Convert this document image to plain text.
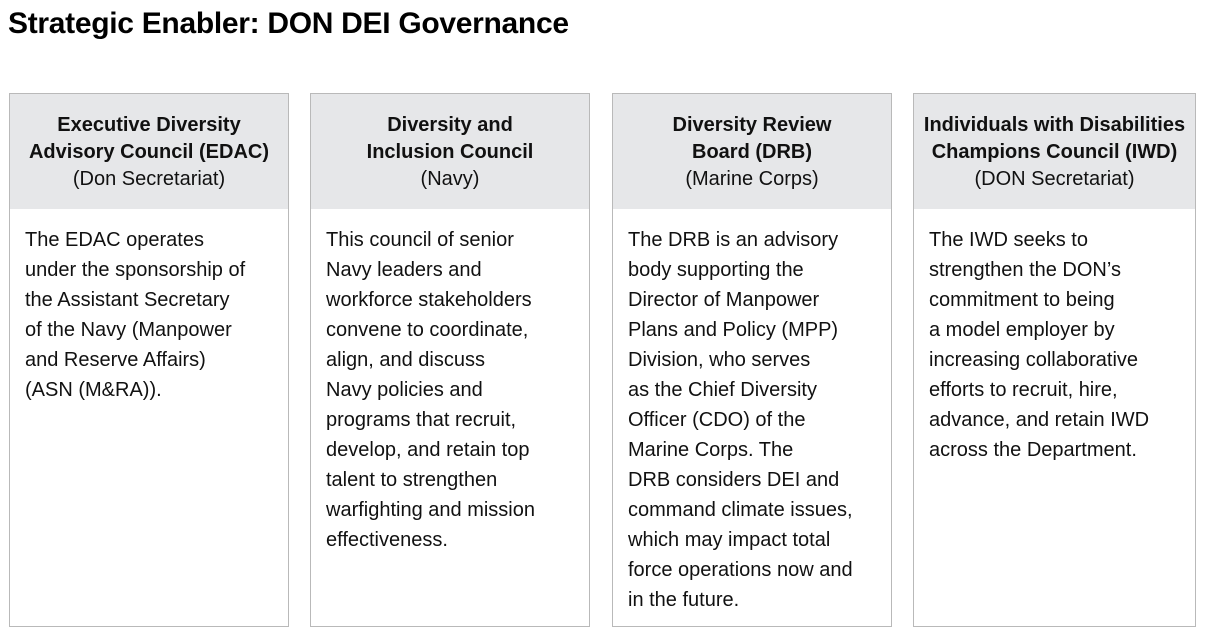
Strategic Enabler: DON DEI Governance
Executive Diversity
Advisory Council (EDAC)
(Don Secretariat)
The EDAC operates
under the sponsorship of
the Assistant Secretary
of the Navy (Manpower
and Reserve Affairs)
(ASN (M&RA)).
Diversity and
Inclusion Council
(Navy)
This council of senior
Navy leaders and
workforce stakeholders
convene to coordinate,
align, and discuss
Navy policies and
programs that recruit,
develop, and retain top
talent to strengthen
warfighting and mission
effectiveness.
Diversity Review
Board (DRB)
(Marine Corps)
The DRB is an advisory
body supporting the
Director of Manpower
Plans and Policy (MPP)
Division, who serves
as the Chief Diversity
Officer (CDO) of the
Marine Corps. The
DRB considers DEI and
command climate issues,
which may impact total
force operations now and
in the future.
Individuals with Disabilities
Champions Council (IWD)
(DON Secretariat)
The IWD seeks to
strengthen the DON’s
commitment to being
a model employer by
increasing collaborative
efforts to recruit, hire,
advance, and retain IWD
across the Department.
